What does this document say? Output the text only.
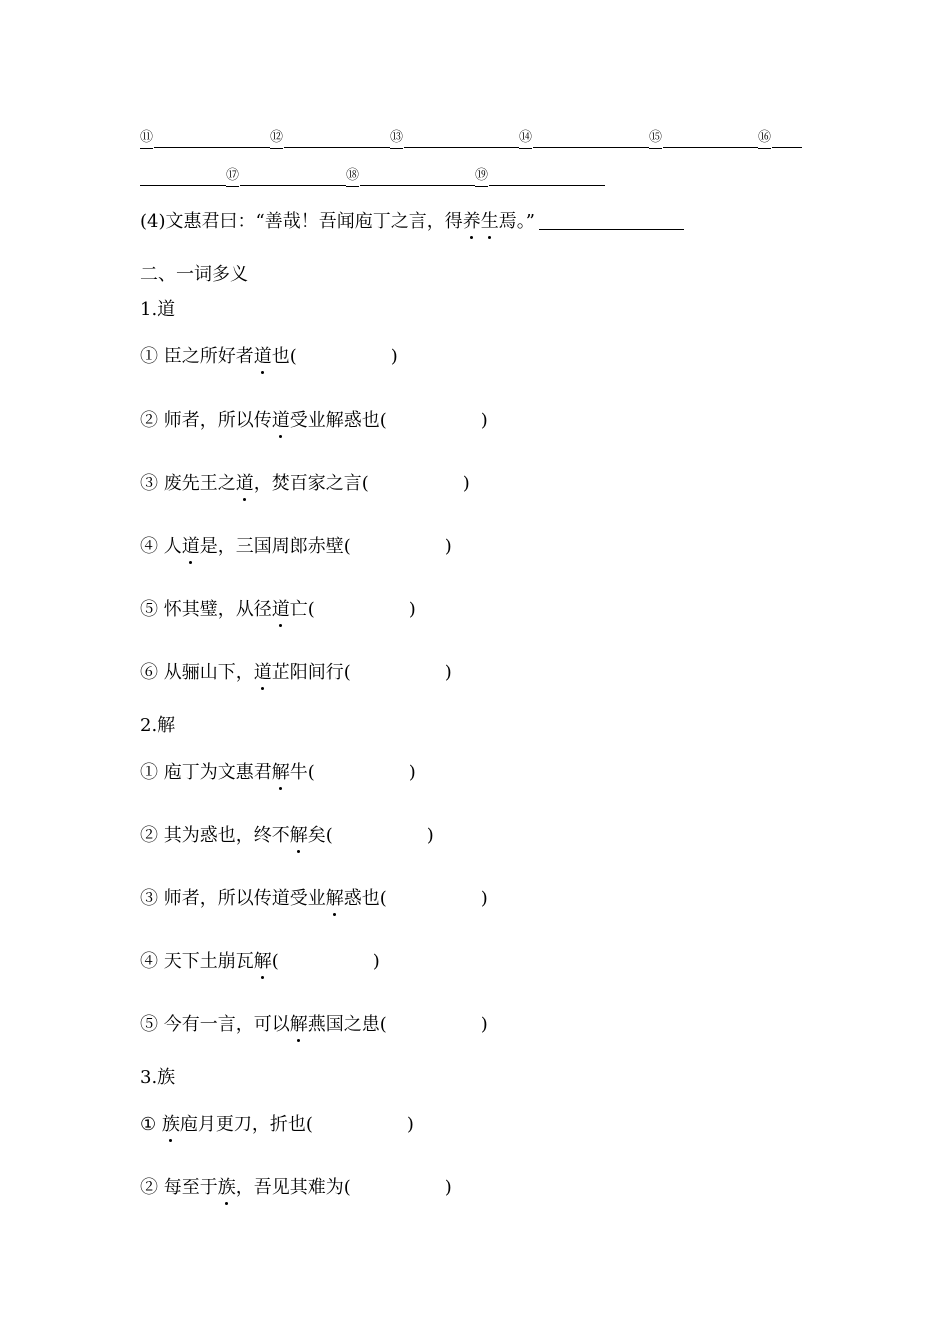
⑪	⑫	⑬	⑭	⑮	⑯
⑰	⑱	⑲
(4)文惠君曰：“善哉！吾闻庖丁之言，得养生焉。”
二、一词多义
1.道
① 臣之所好者道也(	)
② 师者，所以传道受业解惑也(	)
③ 废先王之道，焚百家之言(	)
④ 人道是，三国周郎赤壁(	)
⑤ 怀其璧，从径道亡(	)
⑥ 从骊山下，道芷阳间行(	)
2.解
① 庖丁为文惠君解牛(	)
② 其为惑也，终不解矣(	)
③ 师者，所以传道受业解惑也(	)
④ 天下土崩瓦解(	)
⑤ 今有一言，可以解燕国之患(	)
3.族
① 族庖月更刀，折也(	)
② 每至于族，吾见其难为(	)
